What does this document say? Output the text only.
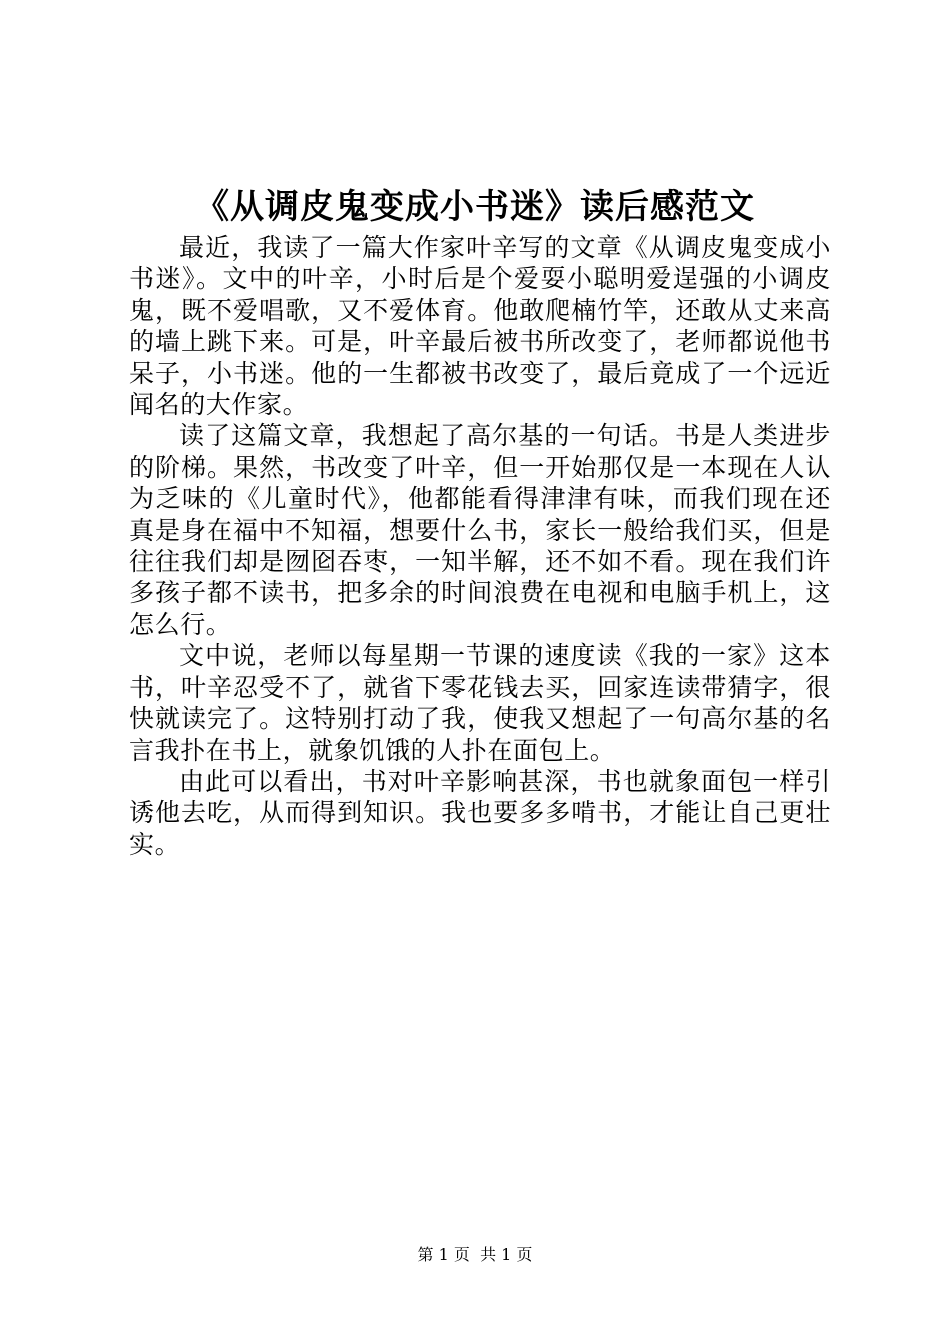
《从调皮鬼变成小书迷》读后感范文

最近，我读了一篇大作家叶辛写的文章《从调皮鬼变成小书迷》。文中的叶辛，小时后是个爱耍小聪明爱逞强的小调皮鬼，既不爱唱歌，又不爱体育。他敢爬楠竹竿，还敢从丈来高的墙上跳下来。可是，叶辛最后被书所改变了，老师都说他书呆子，小书迷。他的一生都被书改变了，最后竟成了一个远近闻名的大作家。

读了这篇文章，我想起了高尔基的一句话。书是人类进步的阶梯。果然，书改变了叶辛，但一开始那仅是一本现在人认为乏味的《儿童时代》，他都能看得津津有味，而我们现在还真是身在福中不知福，想要什么书，家长一般给我们买，但是往往我们却是囫囵吞枣，一知半解，还不如不看。现在我们许多孩子都不读书，把多余的时间浪费在电视和电脑手机上，这怎么行。

文中说，老师以每星期一节课的速度读《我的一家》这本书，叶辛忍受不了，就省下零花钱去买，回家连读带猜字，很快就读完了。这特别打动了我，使我又想起了一句高尔基的名言我扑在书上，就象饥饿的人扑在面包上。

由此可以看出，书对叶辛影响甚深，书也就象面包一样引诱他去吃，从而得到知识。我也要多多啃书，才能让自己更壮实。

第 1 页 共 1 页
